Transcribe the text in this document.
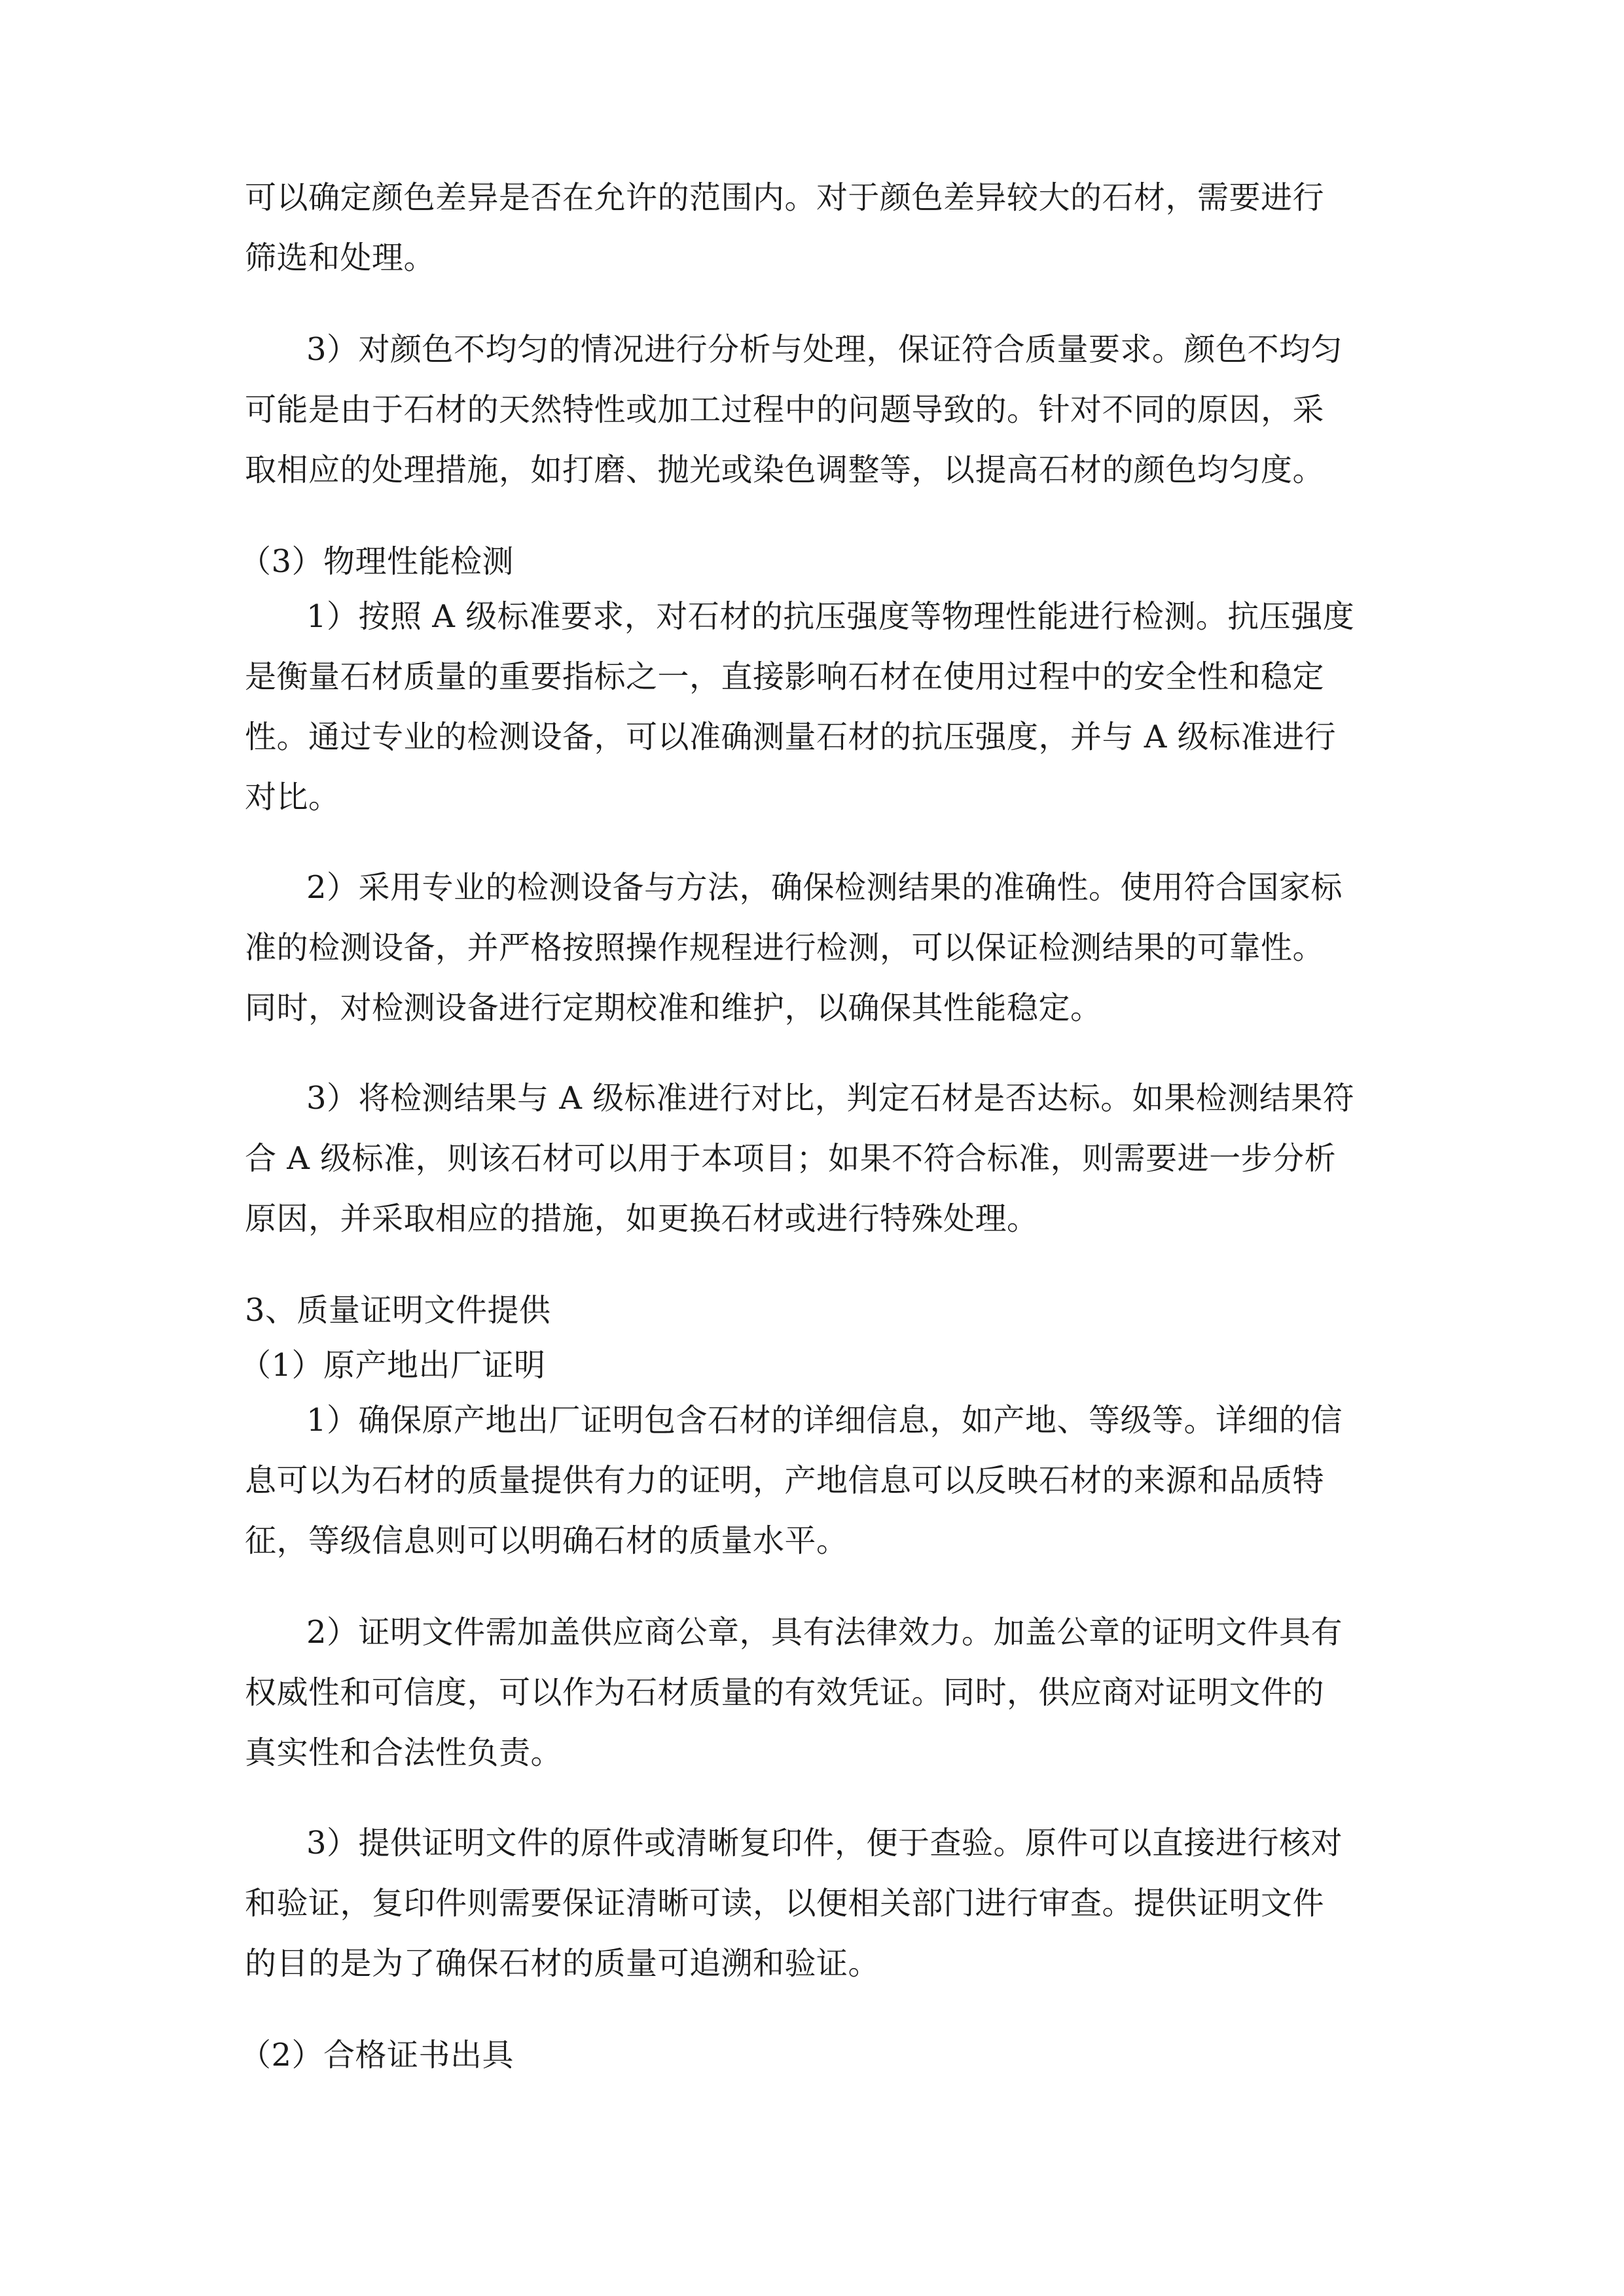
可以确定颜色差异是否在允许的范围内。对于颜色差异较大的石材，需要进行
筛选和处理。
3）对颜色不均匀的情况进行分析与处理，保证符合质量要求。颜色不均匀
可能是由于石材的天然特性或加工过程中的问题导致的。针对不同的原因，采
取相应的处理措施，如打磨、抛光或染色调整等，以提高石材的颜色均匀度。
（3）物理性能检测
1）按照 A 级标准要求，对石材的抗压强度等物理性能进行检测。抗压强度
是衡量石材质量的重要指标之一，直接影响石材在使用过程中的安全性和稳定
性。通过专业的检测设备，可以准确测量石材的抗压强度，并与 A 级标准进行
对比。
2）采用专业的检测设备与方法，确保检测结果的准确性。使用符合国家标
准的检测设备，并严格按照操作规程进行检测，可以保证检测结果的可靠性。
同时，对检测设备进行定期校准和维护，以确保其性能稳定。
3）将检测结果与 A 级标准进行对比，判定石材是否达标。如果检测结果符
合 A 级标准，则该石材可以用于本项目；如果不符合标准，则需要进一步分析
原因，并采取相应的措施，如更换石材或进行特殊处理。
3、质量证明文件提供
（1）原产地出厂证明
1）确保原产地出厂证明包含石材的详细信息，如产地、等级等。详细的信
息可以为石材的质量提供有力的证明，产地信息可以反映石材的来源和品质特
征，等级信息则可以明确石材的质量水平。
2）证明文件需加盖供应商公章，具有法律效力。加盖公章的证明文件具有
权威性和可信度，可以作为石材质量的有效凭证。同时，供应商对证明文件的
真实性和合法性负责。
3）提供证明文件的原件或清晰复印件，便于查验。原件可以直接进行核对
和验证，复印件则需要保证清晰可读，以便相关部门进行审查。提供证明文件
的目的是为了确保石材的质量可追溯和验证。
（2）合格证书出具
